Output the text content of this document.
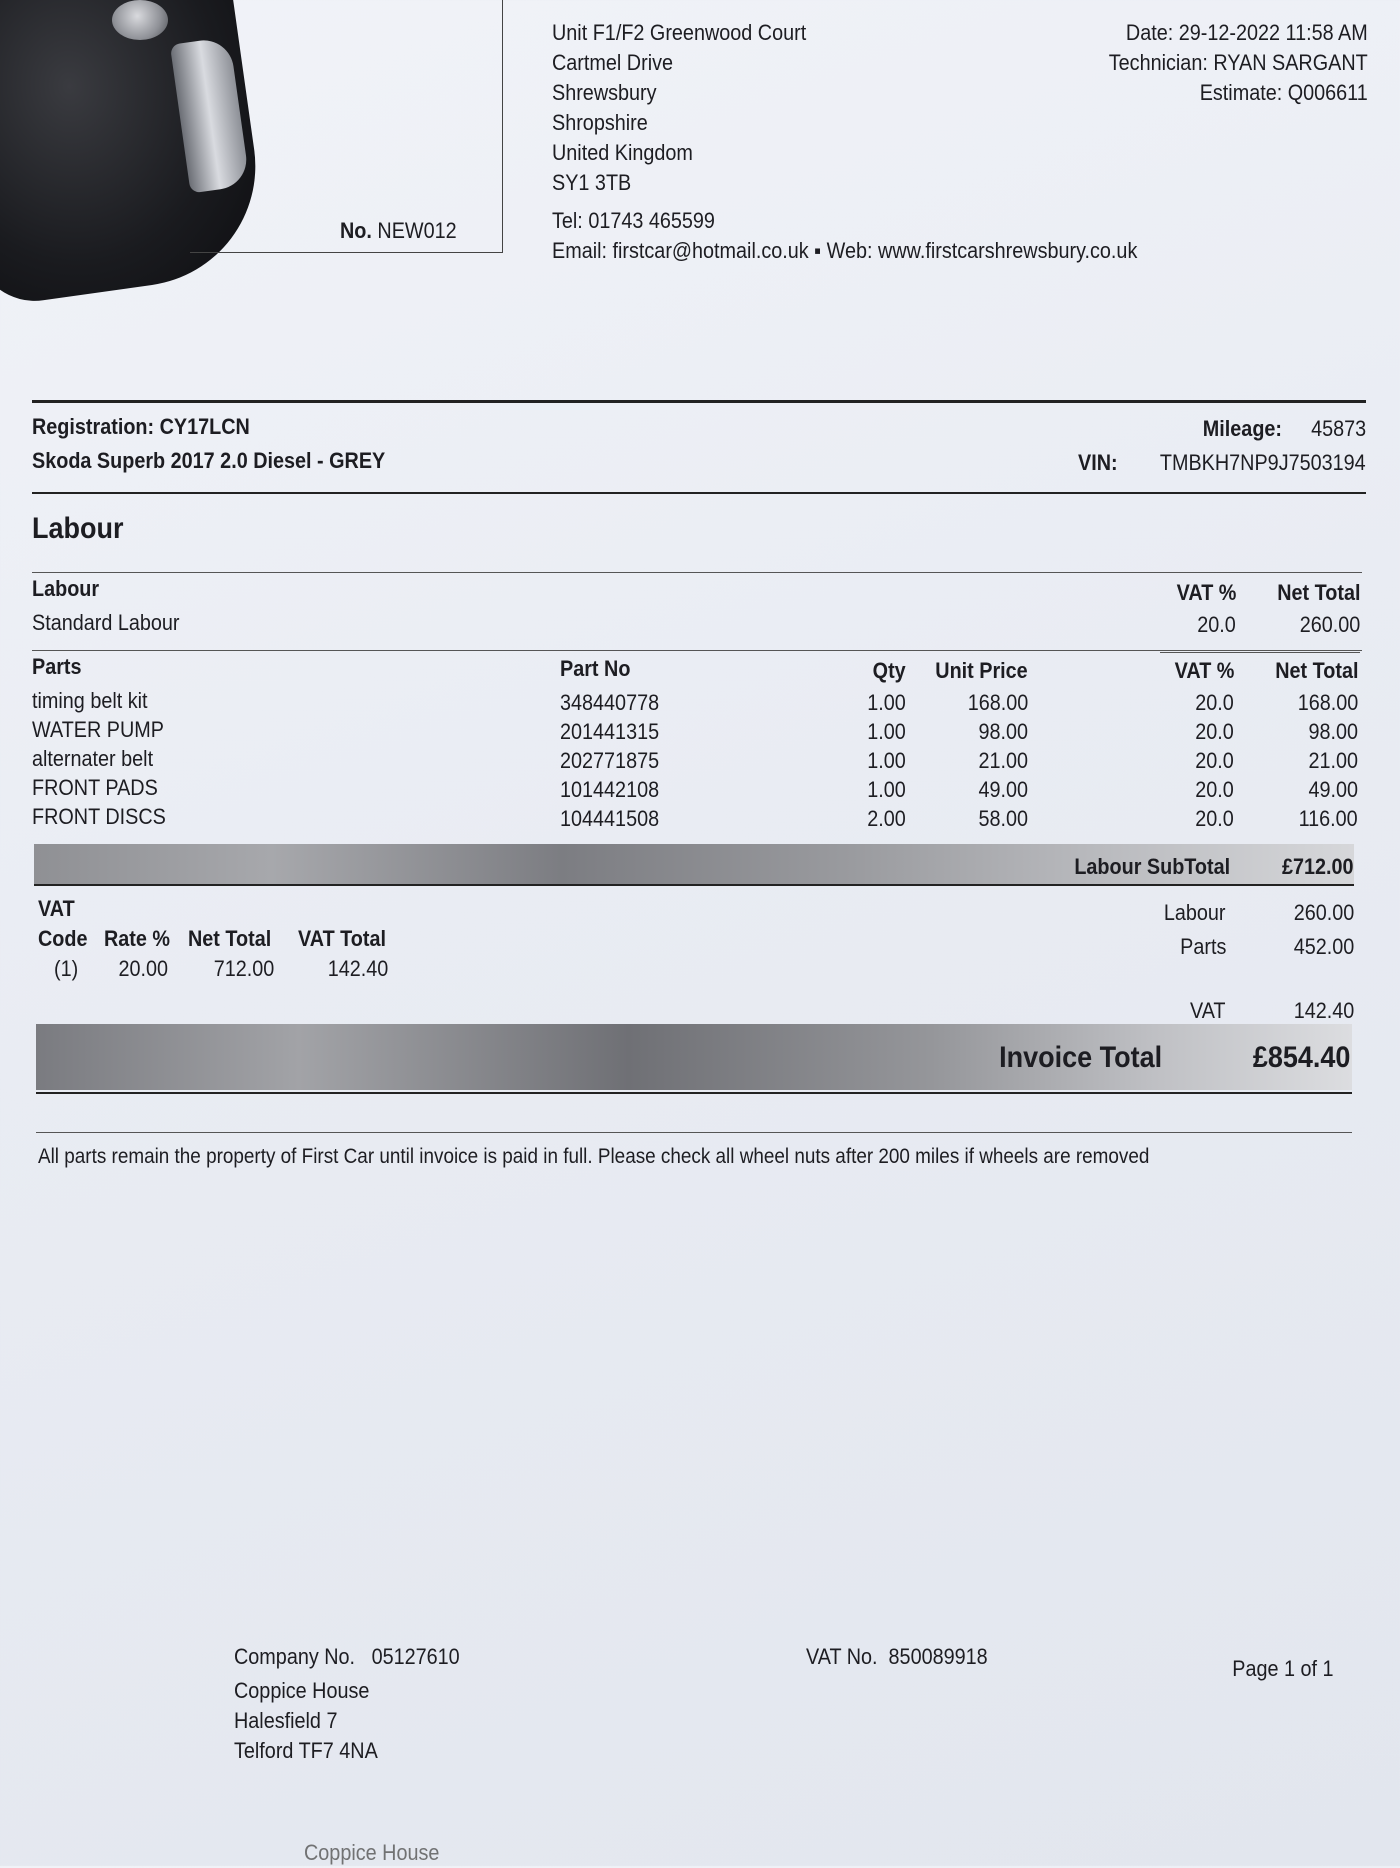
No. NEW012
Unit F1/F2 Greenwood Court
Cartmel Drive
Shrewsbury
Shropshire
United Kingdom
SY1 3TB
Tel: 01743 465599
Email: firstcar@hotmail.co.uk ▪ Web: www.firstcarshrewsbury.co.uk
Date: 29-12-2022 11:58 AM
Technician: RYAN SARGANT
Estimate: Q006611
Registration: CY17LCN
Skoda Superb 2017 2.0 Diesel - GREY
Mileage: 45873
VIN: TMBKH7NP9J7503194
Labour
Labour	VAT % Net Total
Standard Labour	20.0	260.00
Parts	Part No	Qty Unit Price	VAT % Net Total
timing belt kit	348440778	1.00	168.00	20.0	168.00
WATER PUMP	201441315	1.00	98.00	20.0	98.00
alternater belt	202771875	1.00	21.00	20.0	21.00
FRONT PADS	101442108	1.00	49.00	20.0	49.00
FRONT DISCS	104441508	2.00	58.00	20.0	116.00
Labour SubTotal £712.00
VAT
Code Rate % Net Total VAT Total
(1) 20.00 712.00 142.40
Labour	260.00
Parts	452.00
VAT	142.40
Invoice Total	£854.40
All parts remain the property of First Car until invoice is paid in full. Please check all wheel nuts after 200 miles if wheels are removed
Company No. 05127610
Coppice House
Halesfield 7
Telford TF7 4NA
VAT No. 850089918	Page 1 of 1
Coppice House
